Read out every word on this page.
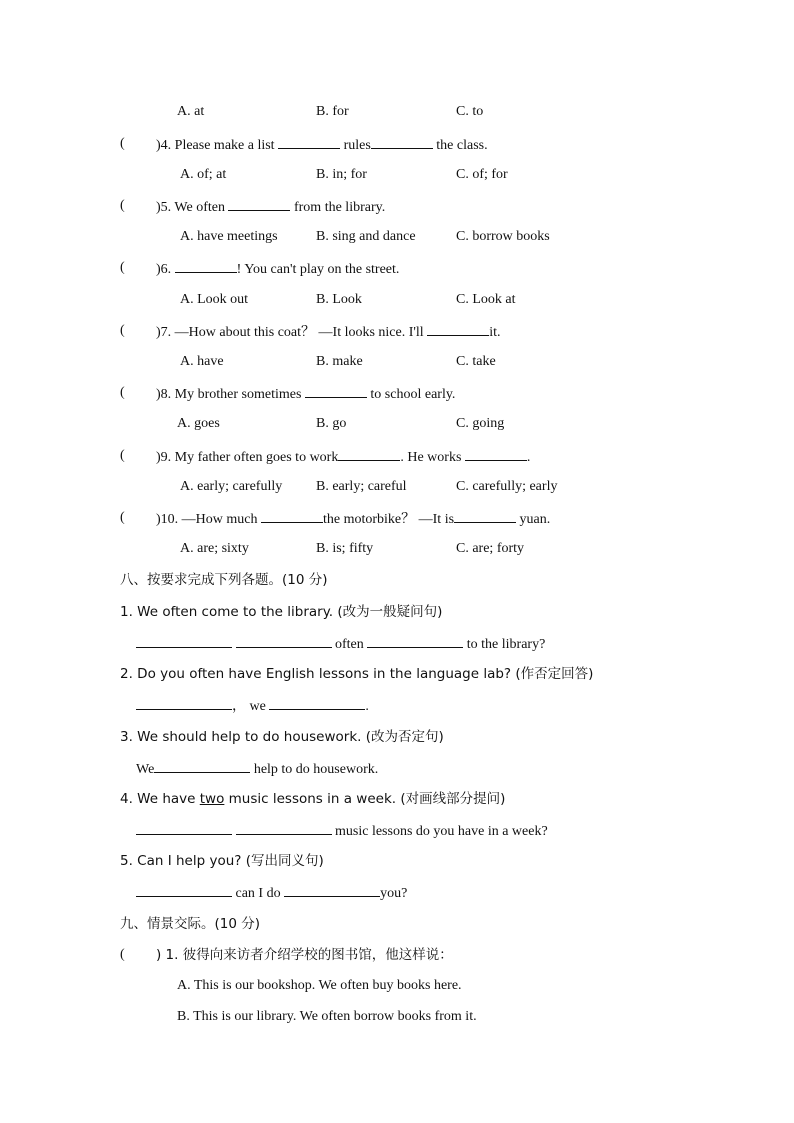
A. at	B. for	C. to
( )4. Please make a list	rules	the class.
A. of; at	B. in; for	C. of; for
( )5. We often	from the library.
A. have meetings	B. sing and dance	C. borrow books
( )6.	! You can't play on the street.
A. Look out	B. Look	C. Look at
( )7. —How about this coat？ —It looks nice. I'll	it.
A. have	B. make	C. take
( )8. My brother sometimes	to school early.
A. goes	B. go	C. going
( )9. My father often goes to work	. He works	.
A. early; carefully B. early; careful	C. carefully; early
( )10. —How much	the motorbike？ —It is	yuan.
A. are; sixty	B. is; fifty	C. are; forty
八、按要求完成下列各题。(10 分)
1. We often come to the library. (改为一般疑问句)
often	to the library?
2. Do you often have English lessons in the language lab? (作否定回答)
， we	.
3. We should help to do housework. (改为否定句)
We	help to do housework.
4. We have two music lessons in a week. (对画线部分提问)
music lessons do you have in a week?
5. Can I help you? (写出同义句)
can I do	you?
九、情景交际。(10 分)
( ) 1. 彼得向来访者介绍学校的图书馆，他这样说：
A. This is our bookshop. We often buy books here.
B. This is our library. We often borrow books from it.
